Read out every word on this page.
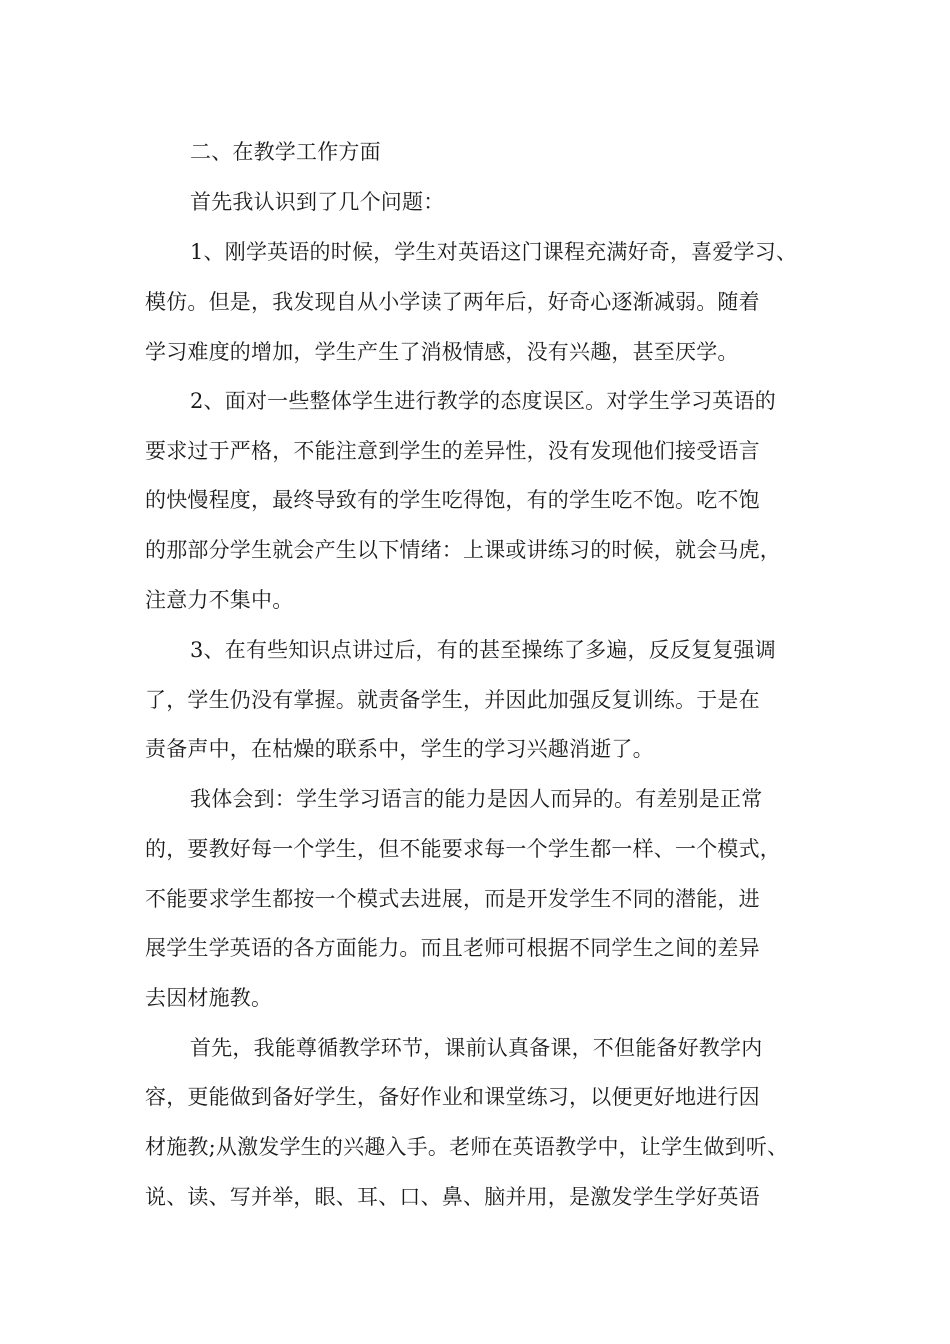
二、在教学工作方面
首先我认识到了几个问题：
1、刚学英语的时候，学生对英语这门课程充满好奇，喜爱学习、
模仿。但是，我发现自从小学读了两年后，好奇心逐渐减弱。随着
学习难度的增加，学生产生了消极情感，没有兴趣，甚至厌学。
2、面对一些整体学生进行教学的态度误区。对学生学习英语的
要求过于严格，不能注意到学生的差异性，没有发现他们接受语言
的快慢程度，最终导致有的学生吃得饱，有的学生吃不饱。吃不饱
的那部分学生就会产生以下情绪：上课或讲练习的时候，就会马虎，
注意力不集中。
3、在有些知识点讲过后，有的甚至操练了多遍，反反复复强调
了，学生仍没有掌握。就责备学生，并因此加强反复训练。于是在
责备声中，在枯燥的联系中，学生的学习兴趣消逝了。
我体会到：学生学习语言的能力是因人而异的。有差别是正常
的，要教好每一个学生，但不能要求每一个学生都一样、一个模式，
不能要求学生都按一个模式去进展，而是开发学生不同的潜能，进
展学生学英语的各方面能力。而且老师可根据不同学生之间的差异
去因材施教。
首先，我能尊循教学环节，课前认真备课，不但能备好教学内
容，更能做到备好学生，备好作业和课堂练习，以便更好地进行因
材施教;从激发学生的兴趣入手。老师在英语教学中，让学生做到听、
说、读、写并举，眼、耳、口、鼻、脑并用，是激发学生学好英语
